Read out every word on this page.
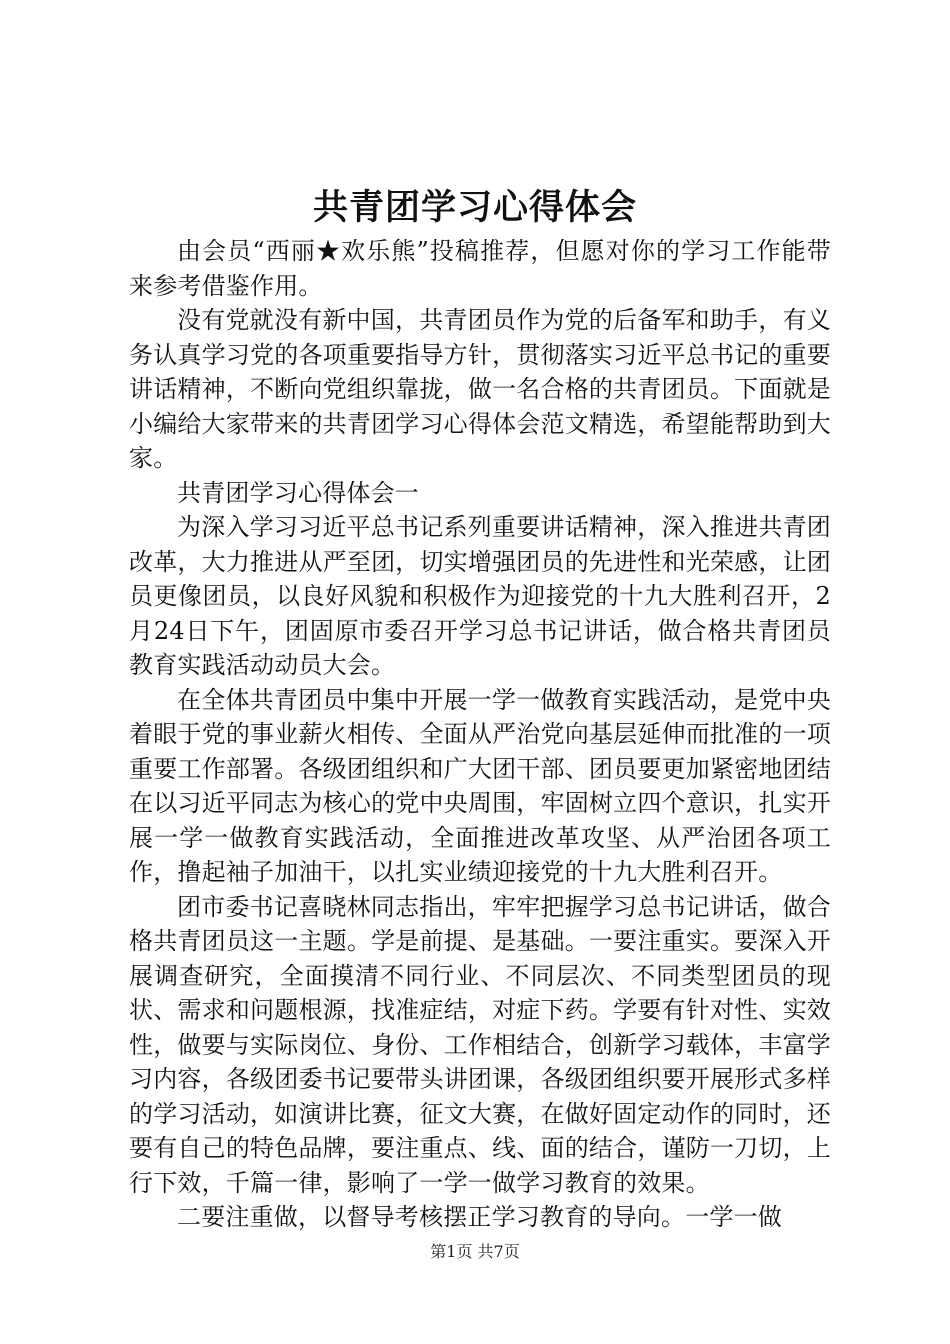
共青团学习心得体会

由会员“西丽★欢乐熊”投稿推荐，但愿对你的学习工作能带来参考借鉴作用。

没有党就没有新中国，共青团员作为党的后备军和助手，有义务认真学习党的各项重要指导方针，贯彻落实习近平总书记的重要讲话精神，不断向党组织靠拢，做一名合格的共青团员。下面就是小编给大家带来的共青团学习心得体会范文精选，希望能帮助到大家。

共青团学习心得体会一

为深入学习习近平总书记系列重要讲话精神，深入推进共青团改革，大力推进从严至团，切实增强团员的先进性和光荣感，让团员更像团员，以良好风貌和积极作为迎接党的十九大胜利召开，2月24日下午，团固原市委召开学习总书记讲话，做合格共青团员教育实践活动动员大会。

在全体共青团员中集中开展一学一做教育实践活动，是党中央着眼于党的事业薪火相传、全面从严治党向基层延伸而批准的一项重要工作部署。各级团组织和广大团干部、团员要更加紧密地团结在以习近平同志为核心的党中央周围，牢固树立四个意识，扎实开展一学一做教育实践活动，全面推进改革攻坚、从严治团各项工作，撸起袖子加油干，以扎实业绩迎接党的十九大胜利召开。

团市委书记喜晓林同志指出，牢牢把握学习总书记讲话，做合格共青团员这一主题。学是前提、是基础。一要注重实。要深入开展调查研究，全面摸清不同行业、不同层次、不同类型团员的现状、需求和问题根源，找准症结，对症下药。学要有针对性、实效性，做要与实际岗位、身份、工作相结合，创新学习载体，丰富学习内容，各级团委书记要带头讲团课，各级团组织要开展形式多样的学习活动，如演讲比赛，征文大赛，在做好固定动作的同时，还要有自己的特色品牌，要注重点、线、面的结合，谨防一刀切，上行下效，千篇一律，影响了一学一做学习教育的效果。

二要注重做，以督导考核摆正学习教育的导向。一学一做

第1页 共7页
